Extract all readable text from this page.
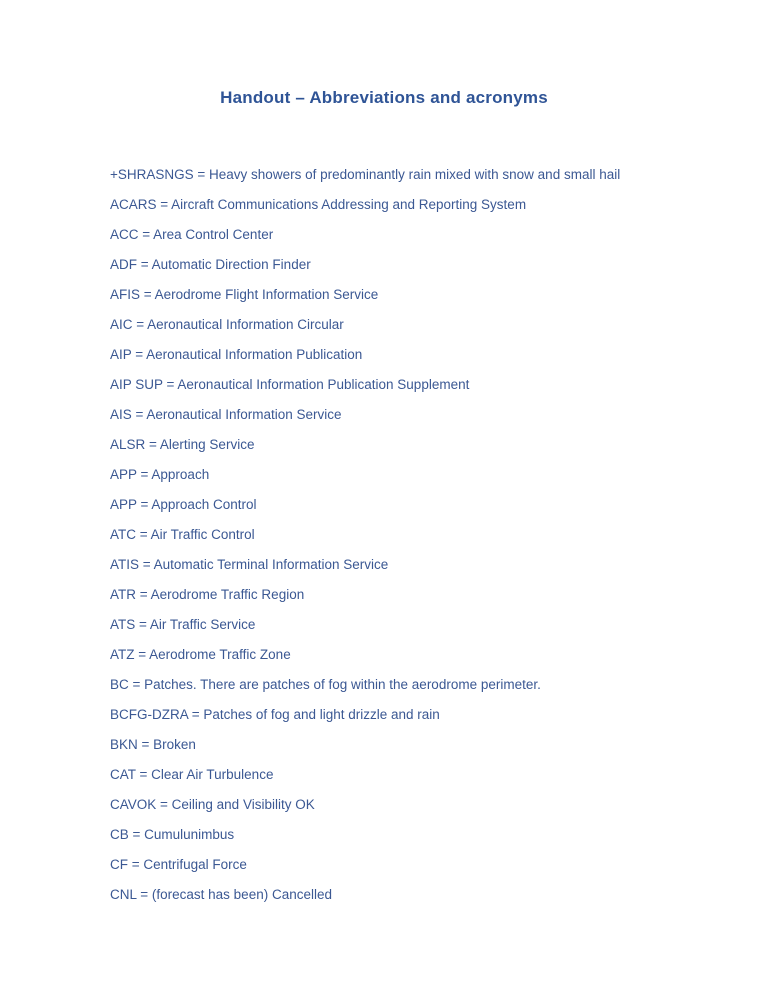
Handout – Abbreviations and acronyms
+SHRASNGS = Heavy showers of predominantly rain mixed with snow and small hail
ACARS = Aircraft Communications Addressing and Reporting System
ACC = Area Control Center
ADF = Automatic Direction Finder
AFIS = Aerodrome Flight Information Service
AIC = Aeronautical Information Circular
AIP = Aeronautical Information Publication
AIP SUP = Aeronautical Information Publication Supplement
AIS = Aeronautical Information Service
ALSR = Alerting Service
APP = Approach
APP = Approach Control
ATC = Air Traffic Control
ATIS = Automatic Terminal Information Service
ATR = Aerodrome Traffic Region
ATS = Air Traffic Service
ATZ = Aerodrome Traffic Zone
BC = Patches. There are patches of fog within the aerodrome perimeter.
BCFG-DZRA = Patches of fog and light drizzle and rain
BKN = Broken
CAT = Clear Air Turbulence
CAVOK = Ceiling and Visibility OK
CB = Cumulunimbus
CF = Centrifugal Force
CNL = (forecast has been) Cancelled
